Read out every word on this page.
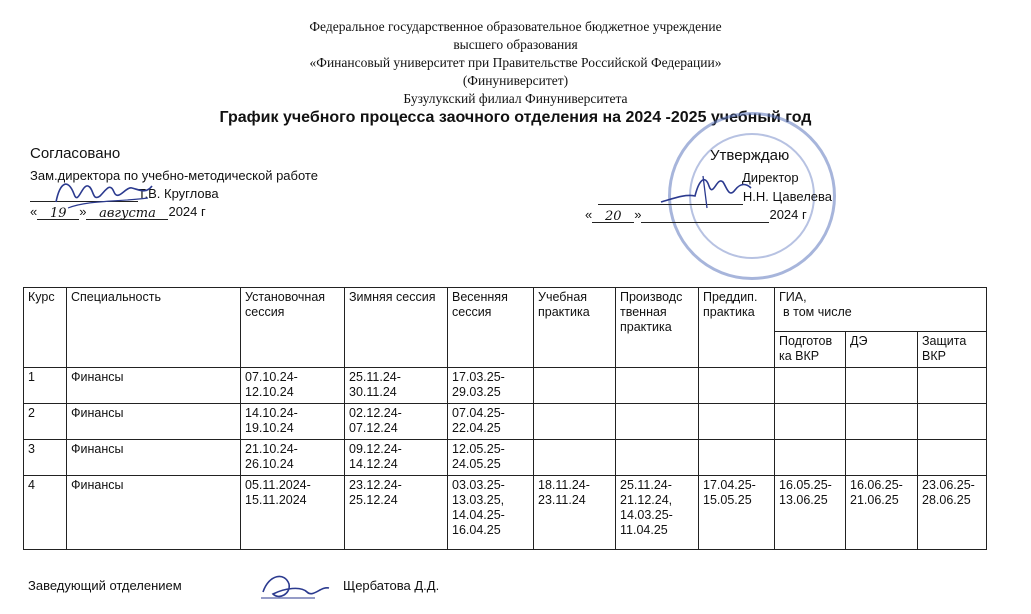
Федеральное государственное образовательное бюджетное учреждение
высшего образования
«Финансовый университет при Правительстве Российской Федерации»
(Финуниверситет)
Бузулукский филиал Финуниверситета
График учебного процесса заочного отделения на 2024 -2025 учебный год
Согласовано
Зам.директора по учебно-методической работе
Т.В. Круглова
« 19 » августа 2024 г
Утверждаю
Директор
Н.Н. Цавелева
« 20 »	2024 г
Курс	Специальность	Установочная сессия	Зимняя сессия	Весенняя сессия	Учебная практика	Производс твенная практика	Преддип. практика	ГИА,
в том числе		

								Подготов ка ВКР	ДЭ	Защита ВКР
1	Финансы	07.10.24-12.10.24	25.11.24-30.11.24	17.03.25-29.03.25						
2	Финансы	14.10.24-19.10.24	02.12.24-07.12.24	07.04.25-22.04.25						
3	Финансы	21.10.24-26.10.24	09.12.24-14.12.24	12.05.25-24.05.25						
4	Финансы	05.11.2024-15.11.2024	23.12.24-25.12.24	03.03.25-13.03.25, 14.04.25-16.04.25	18.11.24-23.11.24	25.11.24-21.12.24, 14.03.25-11.04.25	17.04.25-15.05.25	16.05.25-13.06.25	16.06.25-21.06.25	23.06.25-28.06.25
Заведующий отделением	Щербатова Д.Д.
